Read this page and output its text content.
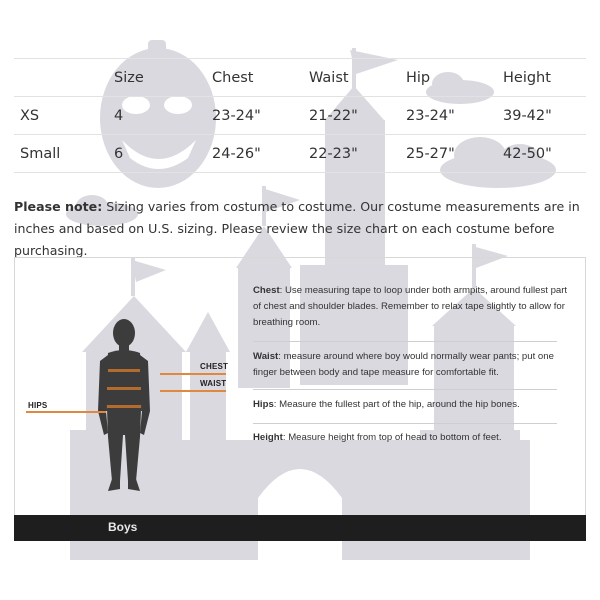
	Size	Chest	Waist	Hip	Height
XS	4	23-24"	21-22"	23-24"	39-42"
Small	6	24-26"	22-23"	25-27"	42-50"
Please note: Sizing varies from costume to costume. Our costume measurements are in inches and based on U.S. sizing. Please review the size chart on each costume before purchasing.
CHEST
WAIST
HIPS
Chest: Use measuring tape to loop under both armpits, around fullest part of chest and shoulder blades. Remember to relax tape slightly to allow for breathing room.
Waist: measure around where boy would normally wear pants; put one finger between body and tape measure for comfortable fit.
Hips: Measure the fullest part of the hip, around the hip bones.
Height: Measure height from top of head to bottom of feet.
Boys
